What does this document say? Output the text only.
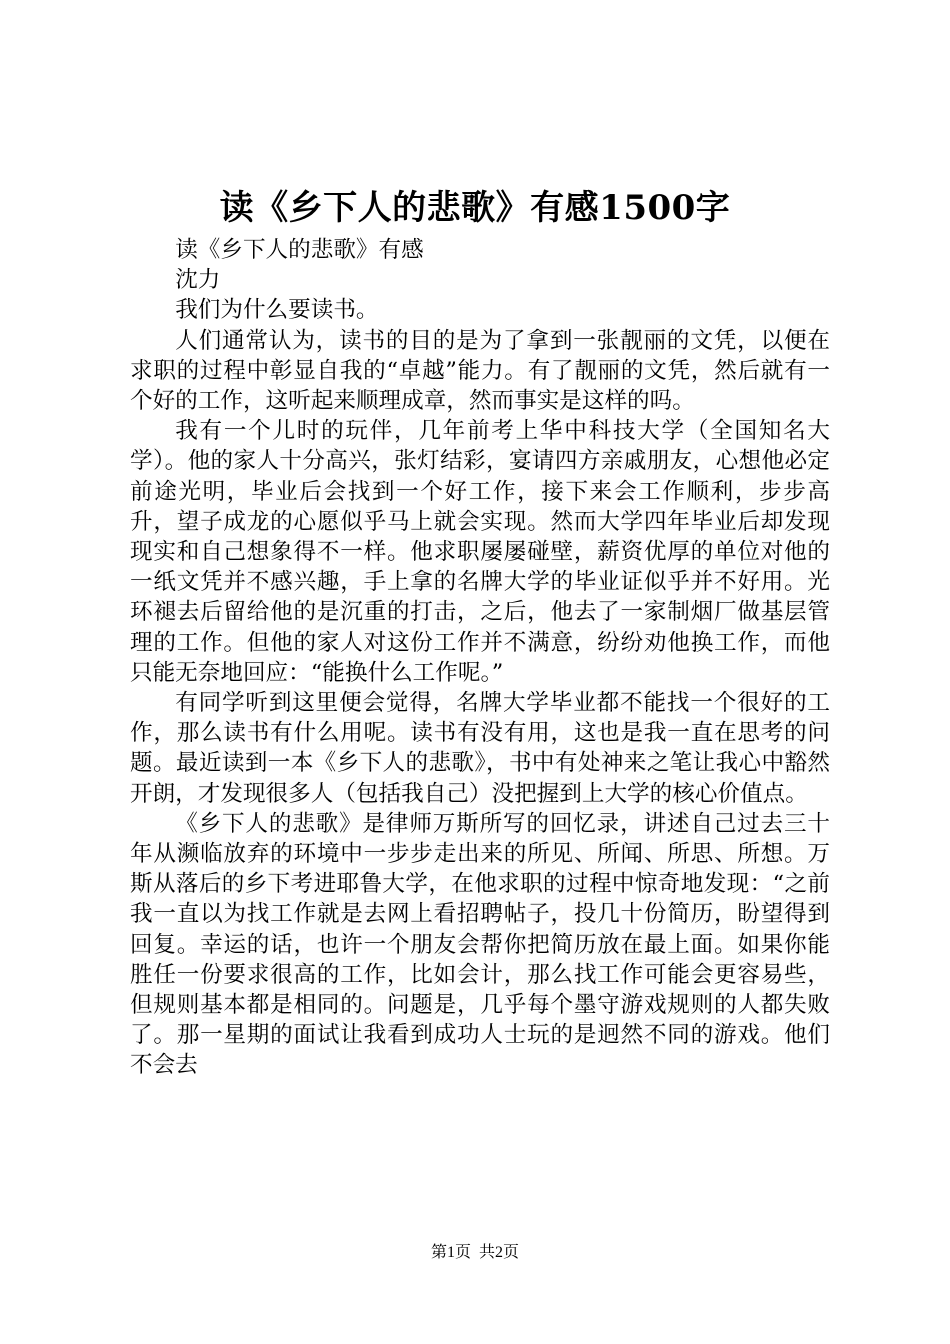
读《乡下人的悲歌》有感1500字

读《乡下人的悲歌》有感

沈力

我们为什么要读书。

人们通常认为，读书的目的是为了拿到一张靓丽的文凭，以便在求职的过程中彰显自我的“卓越”能力。有了靓丽的文凭，然后就有一个好的工作，这听起来顺理成章，然而事实是这样的吗。

我有一个儿时的玩伴，几年前考上华中科技大学（全国知名大学）。他的家人十分高兴，张灯结彩，宴请四方亲戚朋友，心想他必定前途光明，毕业后会找到一个好工作，接下来会工作顺利，步步高升，望子成龙的心愿似乎马上就会实现。然而大学四年毕业后却发现现实和自己想象得不一样。他求职屡屡碰壁，薪资优厚的单位对他的一纸文凭并不感兴趣，手上拿的名牌大学的毕业证似乎并不好用。光环褪去后留给他的是沉重的打击，之后，他去了一家制烟厂做基层管理的工作。但他的家人对这份工作并不满意，纷纷劝他换工作，而他只能无奈地回应：“能换什么工作呢。”

有同学听到这里便会觉得，名牌大学毕业都不能找一个很好的工作，那么读书有什么用呢。读书有没有用，这也是我一直在思考的问题。最近读到一本《乡下人的悲歌》，书中有处神来之笔让我心中豁然开朗，才发现很多人（包括我自己）没把握到上大学的核心价值点。

《乡下人的悲歌》是律师万斯所写的回忆录，讲述自己过去三十年从濒临放弃的环境中一步步走出来的所见、所闻、所思、所想。万斯从落后的乡下考进耶鲁大学，在他求职的过程中惊奇地发现：“之前我一直以为找工作就是去网上看招聘帖子，投几十份简历，盼望得到回复。幸运的话，也许一个朋友会帮你把简历放在最上面。如果你能胜任一份要求很高的工作，比如会计，那么找工作可能会更容易些，但规则基本都是相同的。问题是，几乎每个墨守游戏规则的人都失败了。那一星期的面试让我看到成功人士玩的是迥然不同的游戏。他们不会去

第1页 共2页
